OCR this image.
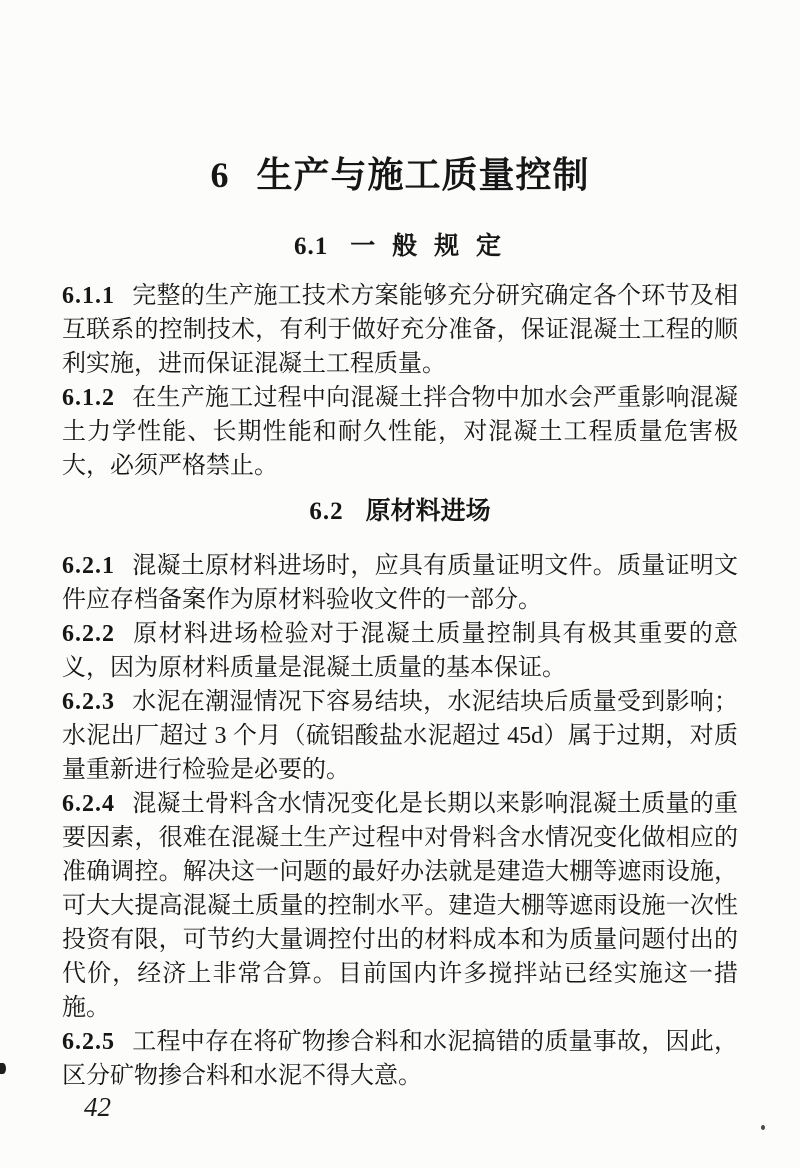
6 生产与施工质量控制
6.1 一 般 规 定

6.1.1 完整的生产施工技术方案能够充分研究确定各个环节及相互联系的控制技术，有利于做好充分准备，保证混凝土工程的顺利实施，进而保证混凝土工程质量。

6.1.2 在生产施工过程中向混凝土拌合物中加水会严重影响混凝土力学性能、长期性能和耐久性能，对混凝土工程质量危害极大，必须严格禁止。

6.2 原材料进场

6.2.1 混凝土原材料进场时，应具有质量证明文件。质量证明文件应存档备案作为原材料验收文件的一部分。

6.2.2 原材料进场检验对于混凝土质量控制具有极其重要的意义，因为原材料质量是混凝土质量的基本保证。

6.2.3 水泥在潮湿情况下容易结块，水泥结块后质量受到影响；水泥出厂超过 3 个月（硫铝酸盐水泥超过 45d）属于过期，对质量重新进行检验是必要的。

6.2.4 混凝土骨料含水情况变化是长期以来影响混凝土质量的重要因素，很难在混凝土生产过程中对骨料含水情况变化做相应的准确调控。解决这一问题的最好办法就是建造大棚等遮雨设施，可大大提高混凝土质量的控制水平。建造大棚等遮雨设施一次性投资有限，可节约大量调控付出的材料成本和为质量问题付出的代价，经济上非常合算。目前国内许多搅拌站已经实施这一措施。

6.2.5 工程中存在将矿物掺合料和水泥搞错的质量事故，因此，区分矿物掺合料和水泥不得大意。

42
